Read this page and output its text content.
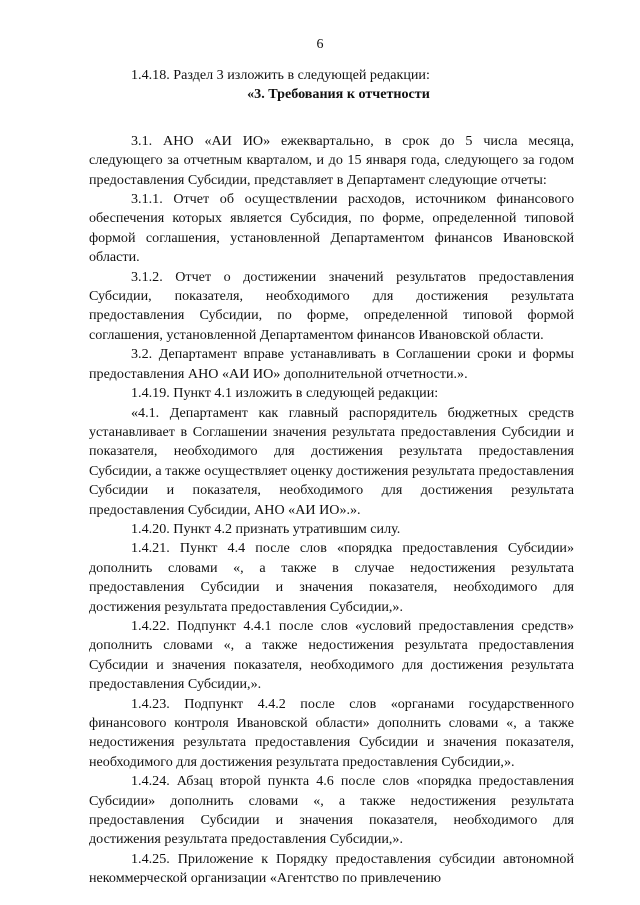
6

1.4.18. Раздел 3 изложить в следующей редакции:

«3. Требования к отчетности

3.1. АНО «АИ ИО» ежеквартально, в срок до 5 числа месяца, следующего за отчетным кварталом, и до 15 января года, следующего за годом предоставления Субсидии, представляет в Департамент следующие отчеты:

3.1.1. Отчет об осуществлении расходов, источником финансового обеспечения которых является Субсидия, по форме, определенной типовой формой соглашения, установленной Департаментом финансов Ивановской области.

3.1.2. Отчет о достижении значений результатов предоставления Субсидии, показателя, необходимого для достижения результата предоставления Субсидии, по форме, определенной типовой формой соглашения, установленной Департаментом финансов Ивановской области.

3.2. Департамент вправе устанавливать в Соглашении сроки и формы предоставления АНО «АИ ИО» дополнительной отчетности.».

1.4.19. Пункт 4.1 изложить в следующей редакции:

«4.1. Департамент как главный распорядитель бюджетных средств устанавливает в Соглашении значения результата предоставления Субсидии и показателя, необходимого для достижения результата предоставления Субсидии, а также осуществляет оценку достижения результата предоставления Субсидии и показателя, необходимого для достижения результата предоставления Субсидии, АНО «АИ ИО».».

1.4.20. Пункт 4.2 признать утратившим силу.

1.4.21. Пункт 4.4 после слов «порядка предоставления Субсидии» дополнить словами «, а также в случае недостижения результата предоставления Субсидии и значения показателя, необходимого для достижения результата предоставления Субсидии,».

1.4.22. Подпункт 4.4.1 после слов «условий предоставления средств» дополнить словами «, а также недостижения результата предоставления Субсидии и значения показателя, необходимого для достижения результата предоставления Субсидии,».

1.4.23. Подпункт 4.4.2 после слов «органами государственного финансового контроля Ивановской области» дополнить словами «, а также недостижения результата предоставления Субсидии и значения показателя, необходимого для достижения результата предоставления Субсидии,».

1.4.24. Абзац второй пункта 4.6 после слов «порядка предоставления Субсидии» дополнить словами «, а также недостижения результата предоставления Субсидии и значения показателя, необходимого для достижения результата предоставления Субсидии,».

1.4.25. Приложение к Порядку предоставления субсидии автономной некоммерческой организации «Агентство по привлечению
